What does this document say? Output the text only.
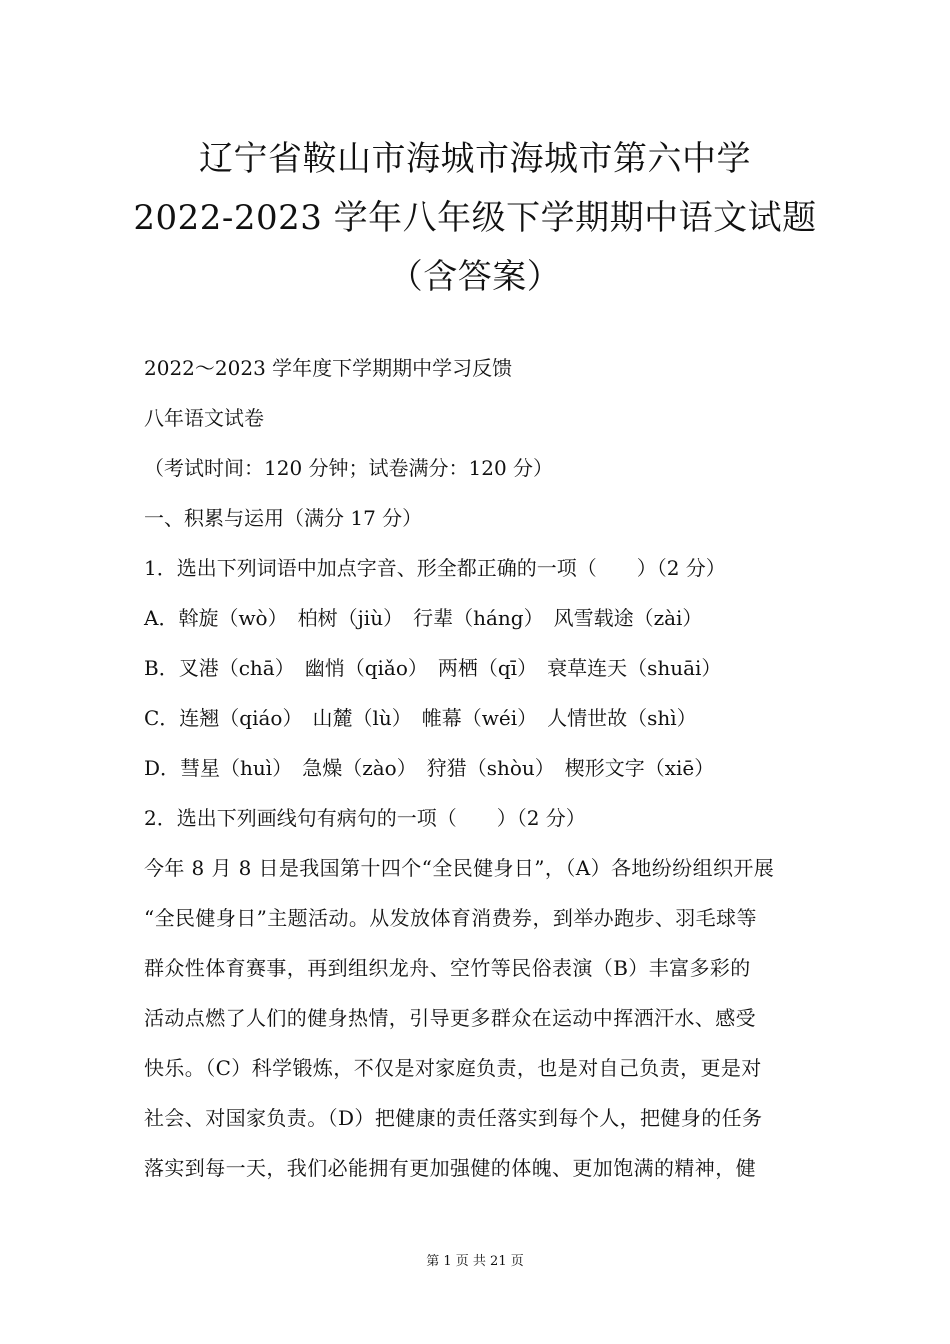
辽宁省鞍山市海城市海城市第六中学
2022-2023 学年八年级下学期期中语文试题
（含答案）
2022～2023 学年度下学期期中学习反馈
八年语文试卷
（考试时间：120 分钟；试卷满分：120 分）
一、积累与运用（满分 17 分）
1．选出下列词语中加点字音、形全都正确的一项（　　）（2 分）
A．斡旋（wò）　柏树（jiù）　行辈（háng）　风雪载途（zài）
B．叉港（chā）　幽悄（qiǎo）　两栖（qī）　衰草连天（shuāi）
C．连翘（qiáo）　山麓（lù）　帷幕（wéi）　人情世故（shì）
D．彗星（huì）　急燥（zào）　狩猎（shòu）　楔形文字（xiē）
2．选出下列画线句有病句的一项（　　）（2 分）
今年 8 月 8 日是我国第十四个“全民健身日”，（A）各地纷纷组织开展
“全民健身日”主题活动。从发放体育消费券，到举办跑步、羽毛球等
群众性体育赛事，再到组织龙舟、空竹等民俗表演（B）丰富多彩的
活动点燃了人们的健身热情，引导更多群众在运动中挥洒汗水、感受
快乐。（C）科学锻炼，不仅是对家庭负责，也是对自己负责，更是对
社会、对国家负责。（D）把健康的责任落实到每个人，把健身的任务
落实到每一天，我们必能拥有更加强健的体魄、更加饱满的精神，健
第 1 页 共 21 页
